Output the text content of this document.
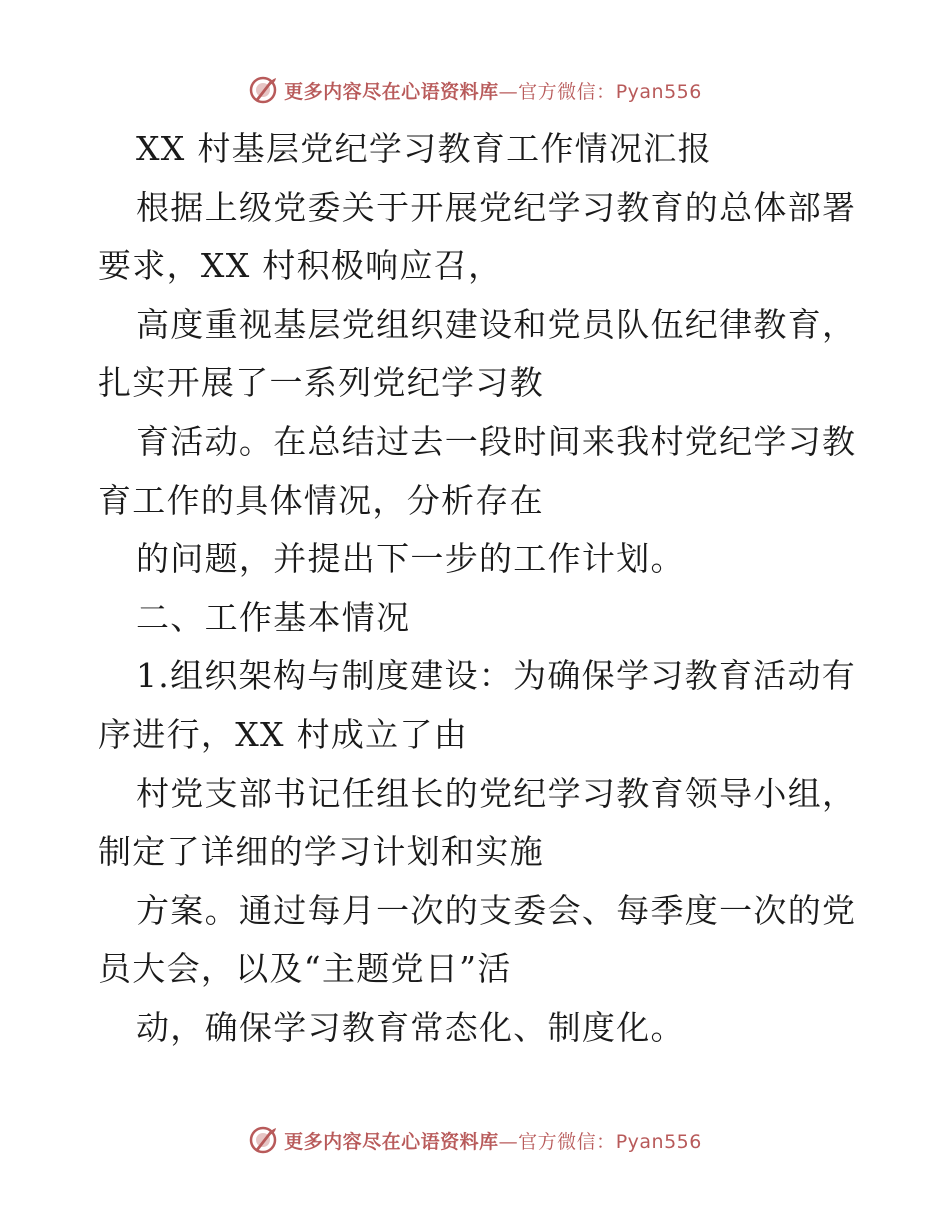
更多内容尽在心语资料库—官方微信：Pyan556
XX 村基层党纪学习教育工作情况汇报
根据上级党委关于开展党纪学习教育的总体部署
要求，XX 村积极响应召，
高度重视基层党组织建设和党员队伍纪律教育，
扎实开展了一系列党纪学习教
育活动。在总结过去一段时间来我村党纪学习教
育工作的具体情况，分析存在
的问题，并提出下一步的工作计划。
二、工作基本情况
1.组织架构与制度建设：为确保学习教育活动有
序进行，XX 村成立了由
村党支部书记任组长的党纪学习教育领导小组，
制定了详细的学习计划和实施
方案。通过每月一次的支委会、每季度一次的党
员大会，以及“主题党日”活
动，确保学习教育常态化、制度化。
更多内容尽在心语资料库—官方微信：Pyan556
